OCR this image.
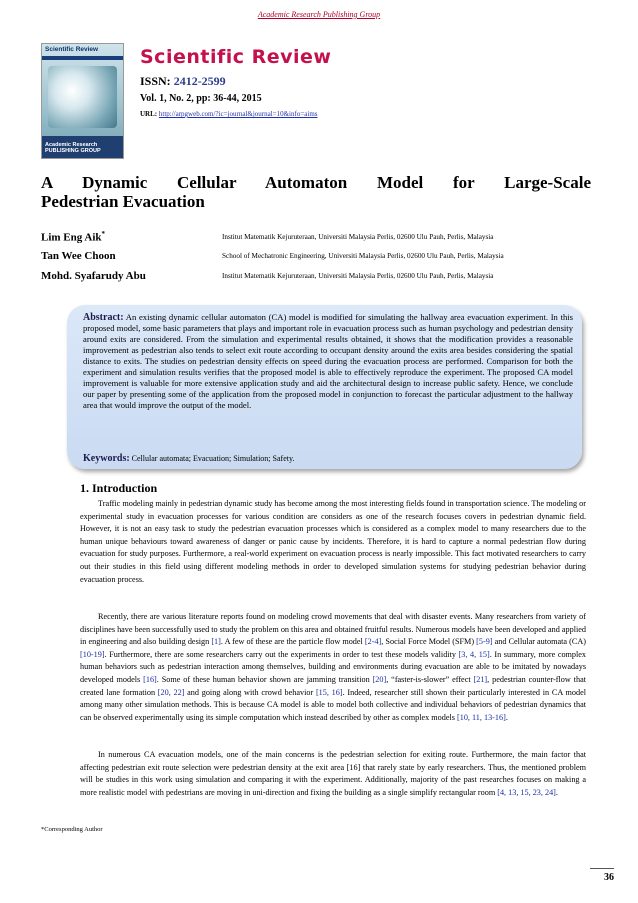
Academic Research Publishing Group
Scientific Review
Academic Research
PUBLISHING GROUP
Scientific Review
ISSN: 2412-2599
Vol. 1, No. 2, pp: 36-44, 2015
URL: http://arpgweb.com/?ic=journal&journal=10&info=aims
A Dynamic Cellular Automaton Model for Large-Scale
Pedestrian Evacuation
Lim Eng Aik*	Institut Matematik Kejuruteraan, Universiti Malaysia Perlis, 02600 Ulu Pauh, Perlis, Malaysia
Tan Wee Choon	School of Mechatronic Engineering, Universiti Malaysia Perlis, 02600 Ulu Pauh, Perlis, Malaysia
Mohd. Syafarudy Abu	Institut Matematik Kejuruteraan, Universiti Malaysia Perlis, 02600 Ulu Pauh, Perlis, Malaysia
Abstract: An existing dynamic cellular automaton (CA) model is modified for simulating the hallway area evacuation experiment. In this proposed model, some basic parameters that plays and important role in evacuation process such as human psychology and pedestrian density around exits are considered. From the simulation and experimental results obtained, it shows that the modification provides a reasonable improvement as pedestrian also tends to select exit route according to occupant density around the exits area besides considering the spatial distance to exits. The studies on pedestrian density effects on speed during the evacuation process are performed. Comparison for both the experiment and simulation results verifies that the proposed model is able to effectively reproduce the experiment. The proposed CA model improvement is valuable for more extensive application study and aid the architectural design to increase public safety. Hence, we conclude our paper by presenting some of the application from the proposed model in conjunction to forecast the particular adjustment to the hallway area that would improve the output of the model.
Keywords: Cellular automata; Evacuation; Simulation; Safety.
1. Introduction
Traffic modeling mainly in pedestrian dynamic study has become among the most interesting fields found in transportation science. The modeling or experimental study in evacuation processes for various condition are considers as one of the research focuses covers in pedestrian dynamic field. However, it is not an easy task to study the pedestrian evacuation processes which is considered as a complex model to many researchers due to the human unique behaviours toward awareness of danger or panic cause by incidents. Therefore, it is hard to capture a normal pedestrian flow during evacuation for study purposes. Furthermore, a real-world experiment on evacuation process is nearly impossible. This fact motivated researchers to carry out their studies in this field using different modeling methods in order to developed simulation systems for studying pedestrian behavior during evacuation process.
Recently, there are various literature reports found on modeling crowd movements that deal with disaster events. Many researchers from variety of disciplines have been successfully used to study the problem on this area and obtained fruitful results. Numerous models have been developed and applied in engineering and also building design [1]. A few of these are the particle flow model [2-4], Social Force Model (SFM) [5-9] and Cellular automata (CA) [10-19]. Furthermore, there are some researchers carry out the experiments in order to test these models validity [3, 4, 15]. In summary, more complex human behaviors such as pedestrian interaction among themselves, building and environments during evacuation are able to be imitated by nowadays developed models [16]. Some of these human behavior shown are jamming transition [20], “faster-is-slower” effect [21], pedestrian counter-flow that created lane formation [20, 22] and going along with crowd behavior [15, 16]. Indeed, researcher still shown their particularly interested in CA model among many other simulation methods. This is because CA model is able to model both collective and individual behaviors of pedestrian dynamics that can be observed experimentally using its simple computation which instead described by other as complex models [10, 11, 13-16].
In numerous CA evacuation models, one of the main concerns is the pedestrian selection for exiting route. Furthermore, the main factor that affecting pedestrian exit route selection were pedestrian density at the exit area [16] that rarely state by early researchers. Thus, the mentioned problem will be studies in this work using simulation and comparing it with the experiment. Additionally, majority of the past researches focuses on making a more realistic model with pedestrians are moving in uni-direction and fixing the building as a single simplify rectangular room [4, 13, 15, 23, 24].
*Corresponding Author
36
